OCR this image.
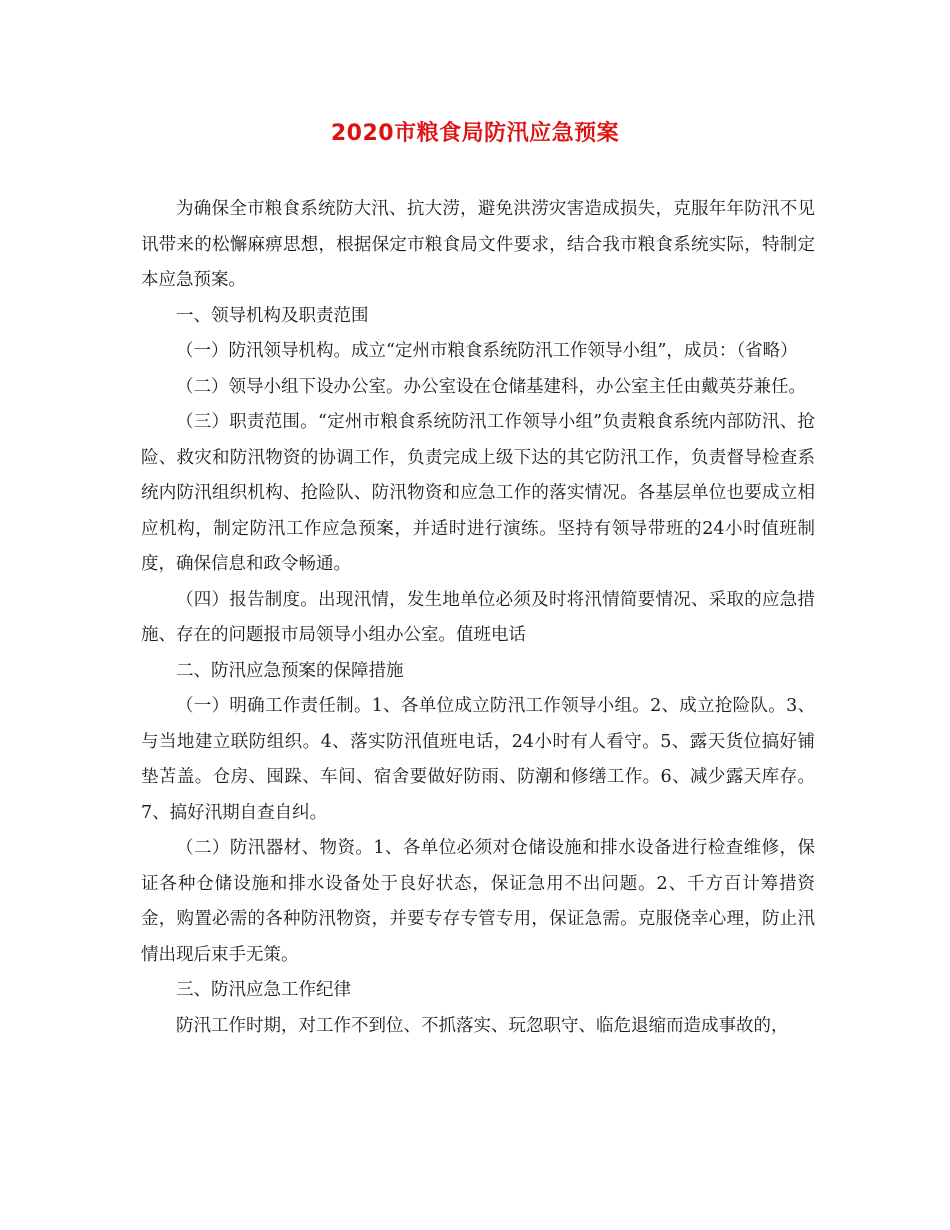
2020市粮食局防汛应急预案

为确保全市粮食系统防大汛、抗大涝，避免洪涝灾害造成损失，克服年年防汛不见讯带来的松懈麻痹思想，根据保定市粮食局文件要求，结合我市粮食系统实际，特制定本应急预案。

一、领导机构及职责范围

（一）防汛领导机构。成立“定州市粮食系统防汛工作领导小组”，成员：（省略）

（二）领导小组下设办公室。办公室设在仓储基建科，办公室主任由戴英芬兼任。

（三）职责范围。“定州市粮食系统防汛工作领导小组”负责粮食系统内部防汛、抢险、救灾和防汛物资的协调工作，负责完成上级下达的其它防汛工作，负责督导检查系统内防汛组织机构、抢险队、防汛物资和应急工作的落实情况。各基层单位也要成立相应机构，制定防汛工作应急预案，并适时进行演练。坚持有领导带班的24小时值班制度，确保信息和政令畅通。

（四）报告制度。出现汛情，发生地单位必须及时将汛情简要情况、采取的应急措施、存在的问题报市局领导小组办公室。值班电话

二、防汛应急预案的保障措施

（一）明确工作责任制。1、各单位成立防汛工作领导小组。2、成立抢险队。3、与当地建立联防组织。4、落实防汛值班电话，24小时有人看守。5、露天货位搞好铺垫苫盖。仓房、囤跺、车间、宿舍要做好防雨、防潮和修缮工作。6、减少露天库存。7、搞好汛期自查自纠。

（二）防汛器材、物资。1、各单位必须对仓储设施和排水设备进行检查维修，保证各种仓储设施和排水设备处于良好状态，保证急用不出问题。2、千方百计筹措资金，购置必需的各种防汛物资，并要专存专管专用，保证急需。克服侥幸心理，防止汛情出现后束手无策。

三、防汛应急工作纪律

防汛工作时期，对工作不到位、不抓落实、玩忽职守、临危退缩而造成事故的，
